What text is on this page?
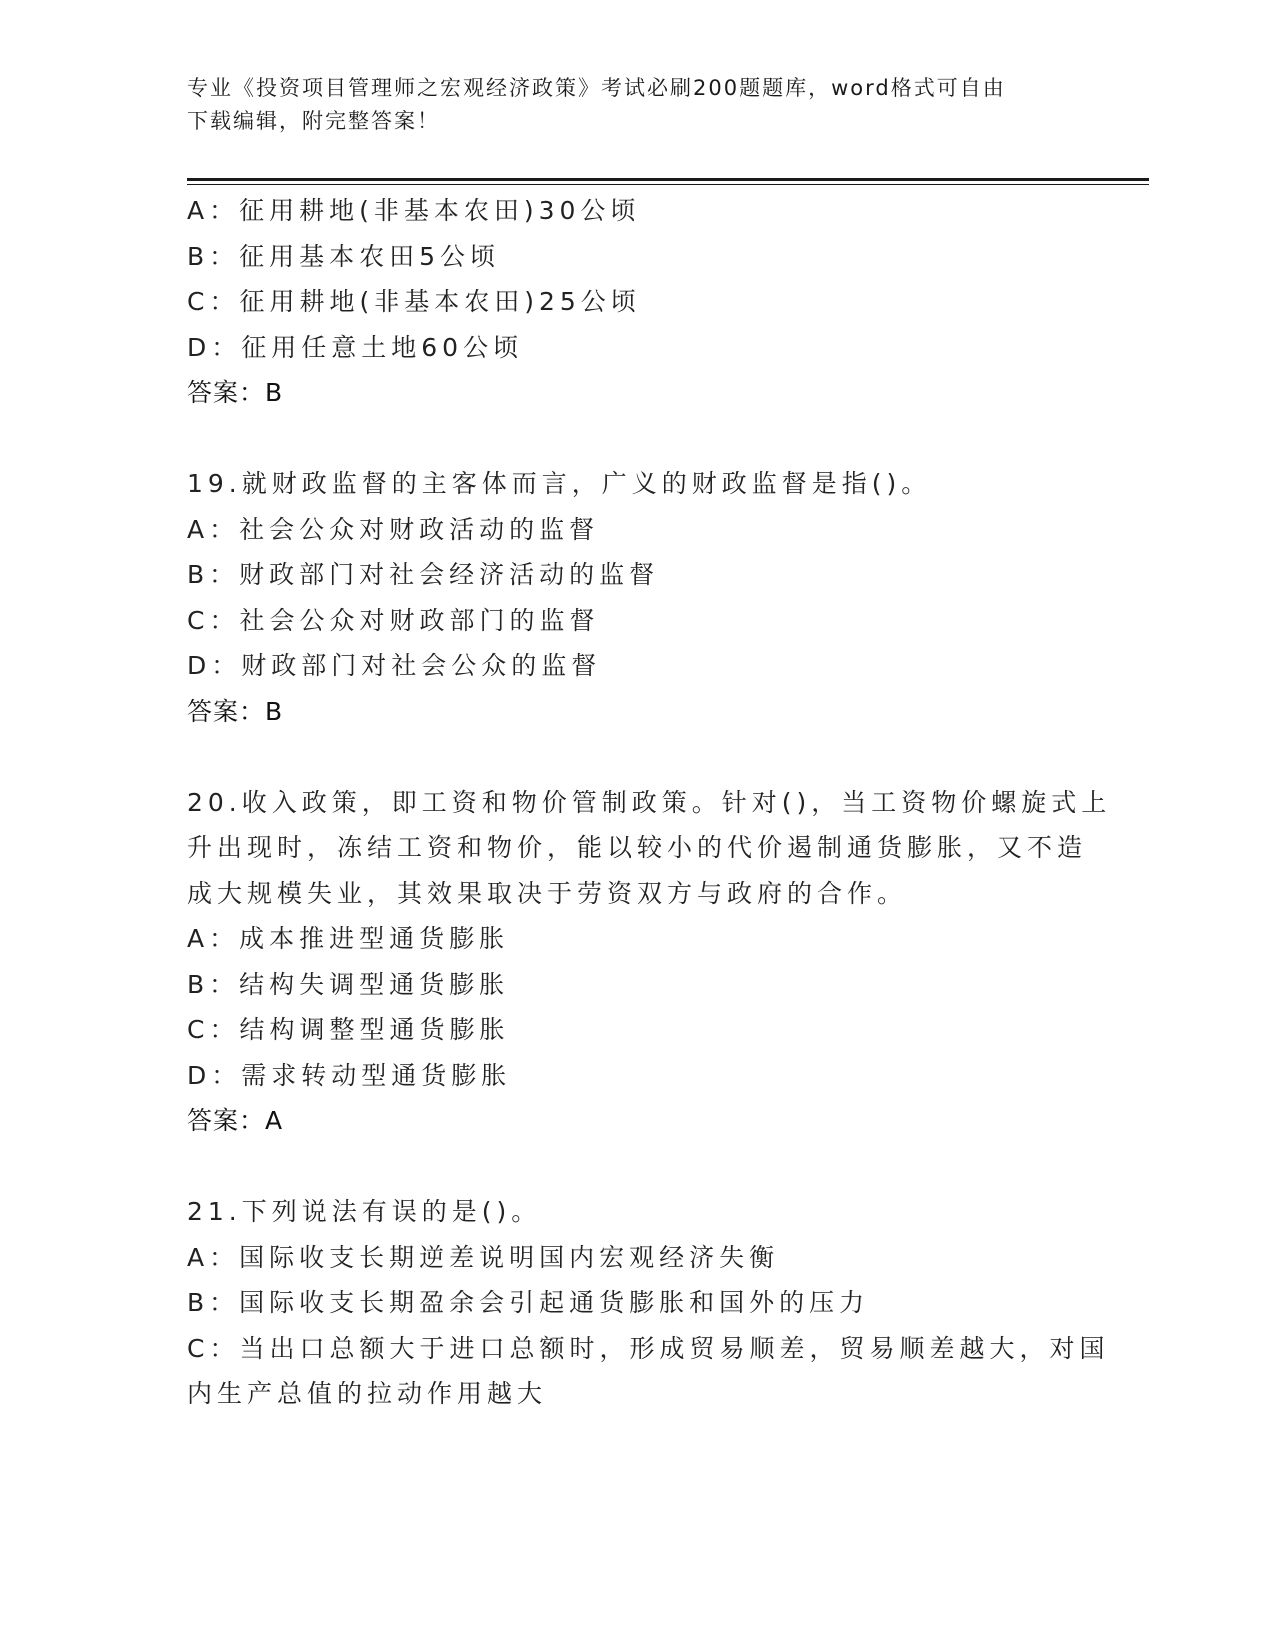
专业《投资项目管理师之宏观经济政策》考试必刷200题题库，word格式可自由
下载编辑，附完整答案！
A：征用耕地(非基本农田)30公顷
B：征用基本农田5公顷
C：征用耕地(非基本农田)25公顷
D：征用任意土地60公顷
答案：B
19.就财政监督的主客体而言，广义的财政监督是指()。
A：社会公众对财政活动的监督
B：财政部门对社会经济活动的监督
C：社会公众对财政部门的监督
D：财政部门对社会公众的监督
答案：B
20.收入政策，即工资和物价管制政策。针对()，当工资物价螺旋式上
升出现时，冻结工资和物价，能以较小的代价遏制通货膨胀，又不造
成大规模失业，其效果取决于劳资双方与政府的合作。
A：成本推进型通货膨胀
B：结构失调型通货膨胀
C：结构调整型通货膨胀
D：需求转动型通货膨胀
答案：A
21.下列说法有误的是()。
A：国际收支长期逆差说明国内宏观经济失衡
B：国际收支长期盈余会引起通货膨胀和国外的压力
C：当出口总额大于进口总额时，形成贸易顺差，贸易顺差越大，对国
内生产总值的拉动作用越大
